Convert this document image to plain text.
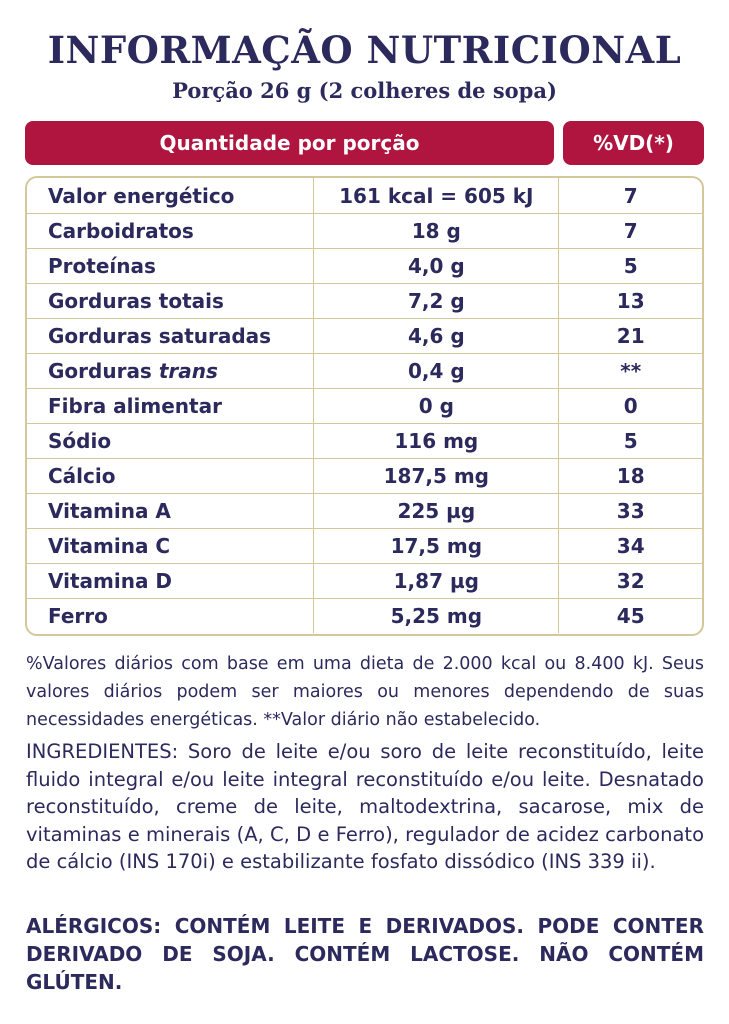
INFORMAÇÃO NUTRICIONAL
Porção 26 g (2 colheres de sopa)
Quantidade por porção	%VD(*)
Valor energético	161 kcal = 605 kJ	7
Carboidratos	18 g	7
Proteínas	4,0 g	5
Gorduras totais	7,2 g	13
Gorduras saturadas	4,6 g	21
Gorduras trans	0,4 g	**
Fibra alimentar	0 g	0
Sódio	116 mg	5
Cálcio	187,5 mg	18
Vitamina A	225 µg	33
Vitamina C	17,5 mg	34
Vitamina D	1,87 µg	32
Ferro	5,25 mg	45
%Valores diários com base em uma dieta de 2.000 kcal ou 8.400 kJ. Seus valores diários podem ser maiores ou menores dependendo de suas necessidades energéticas. **Valor diário não estabelecido.
INGREDIENTES: Soro de leite e/ou soro de leite reconstituído, leite fluido integral e/ou leite integral reconstituído e/ou leite. Desnatado reconstituído, creme de leite, maltodextrina, sacarose, mix de vitaminas e minerais (A, C, D e Ferro), regulador de acidez carbonato de cálcio (INS 170i) e estabilizante fosfato dissódico (INS 339 ii).
ALÉRGICOS: CONTÉM LEITE E DERIVADOS. PODE CONTER DERIVADO DE SOJA. CONTÉM LACTOSE. NÃO CONTÉM GLÚTEN.
